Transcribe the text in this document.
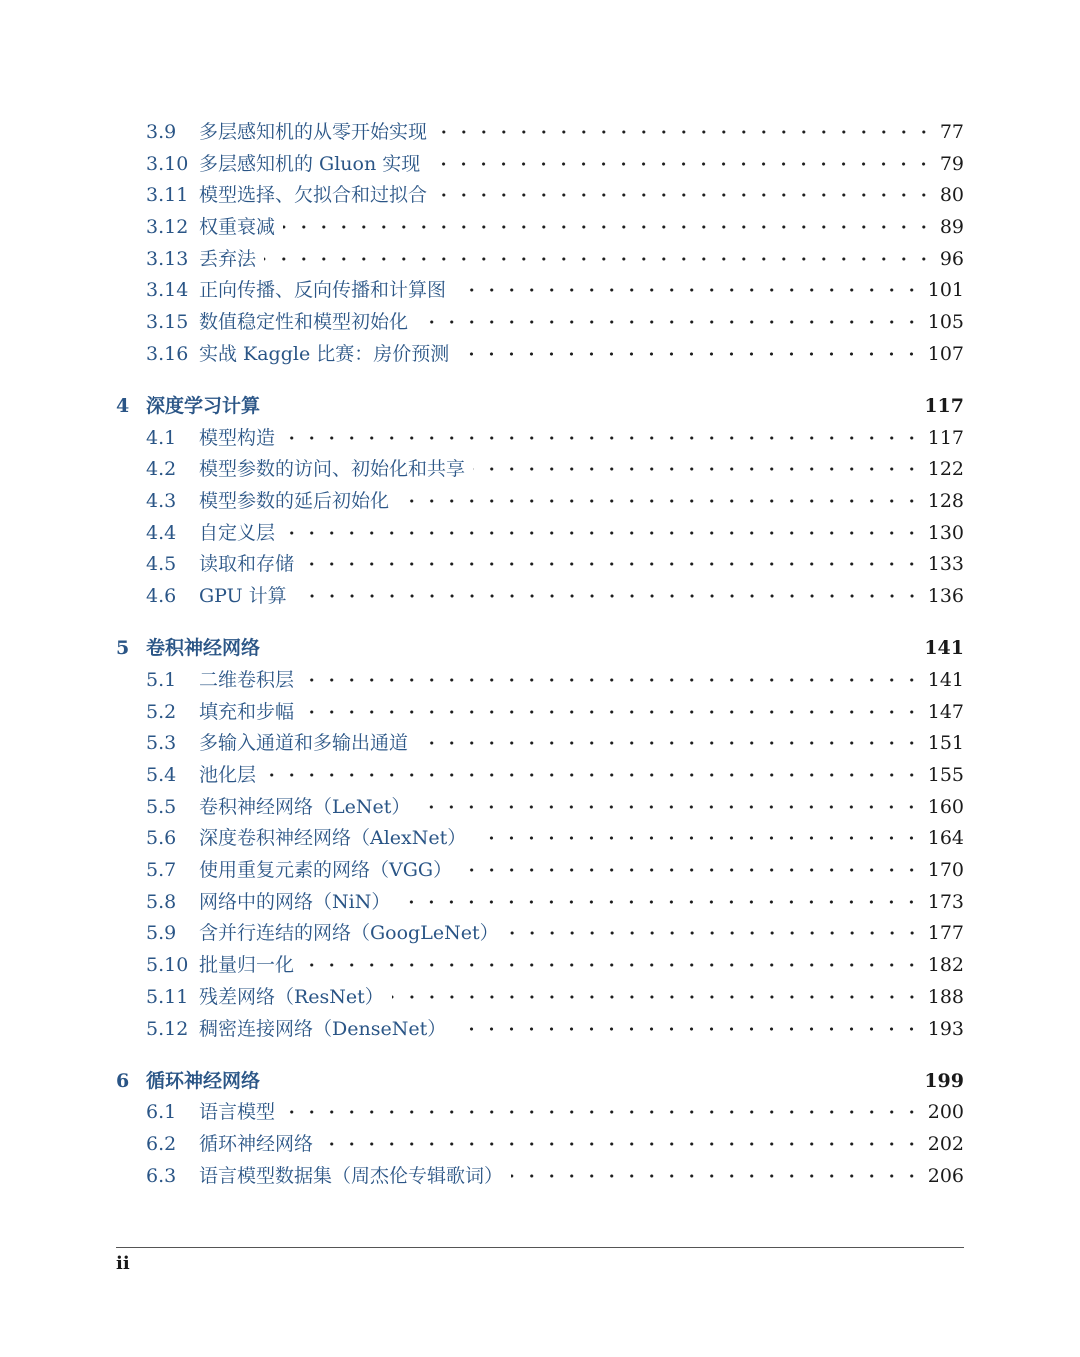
3.9	多层感知机的从零开始实现	77
3.10 多层感知机的 Gluon 实现	79
3.11 模型选择、欠拟合和过拟合	80
3.12 权重衰减	89
3.13 丢弃法	96
3.14 正向传播、反向传播和计算图	101
3.15 数值稳定性和模型初始化	105
3.16 实战 Kaggle 比赛：房价预测	107
4 深度学习计算	117
4.1	模型构造	117
4.2	模型参数的访问、初始化和共享	122
4.3	模型参数的延后初始化	128
4.4	自定义层	130
4.5	读取和存储	133
4.6	GPU 计算	136
5 卷积神经网络	141
5.1	二维卷积层	141
5.2	填充和步幅	147
5.3	多输入通道和多输出通道	151
5.4	池化层	155
5.5	卷积神经网络（LeNet）	160
5.6	深度卷积神经网络（AlexNet）	164
5.7	使用重复元素的网络（VGG）	170
5.8	网络中的网络（NiN）	173
5.9	含并行连结的网络（GoogLeNet）	177
5.10 批量归一化	182
5.11 残差网络（ResNet）	188
5.12 稠密连接网络（DenseNet）	193
6 循环神经网络	199
6.1	语言模型	200
6.2	循环神经网络	202
6.3	语言模型数据集（周杰伦专辑歌词）	206
ii
